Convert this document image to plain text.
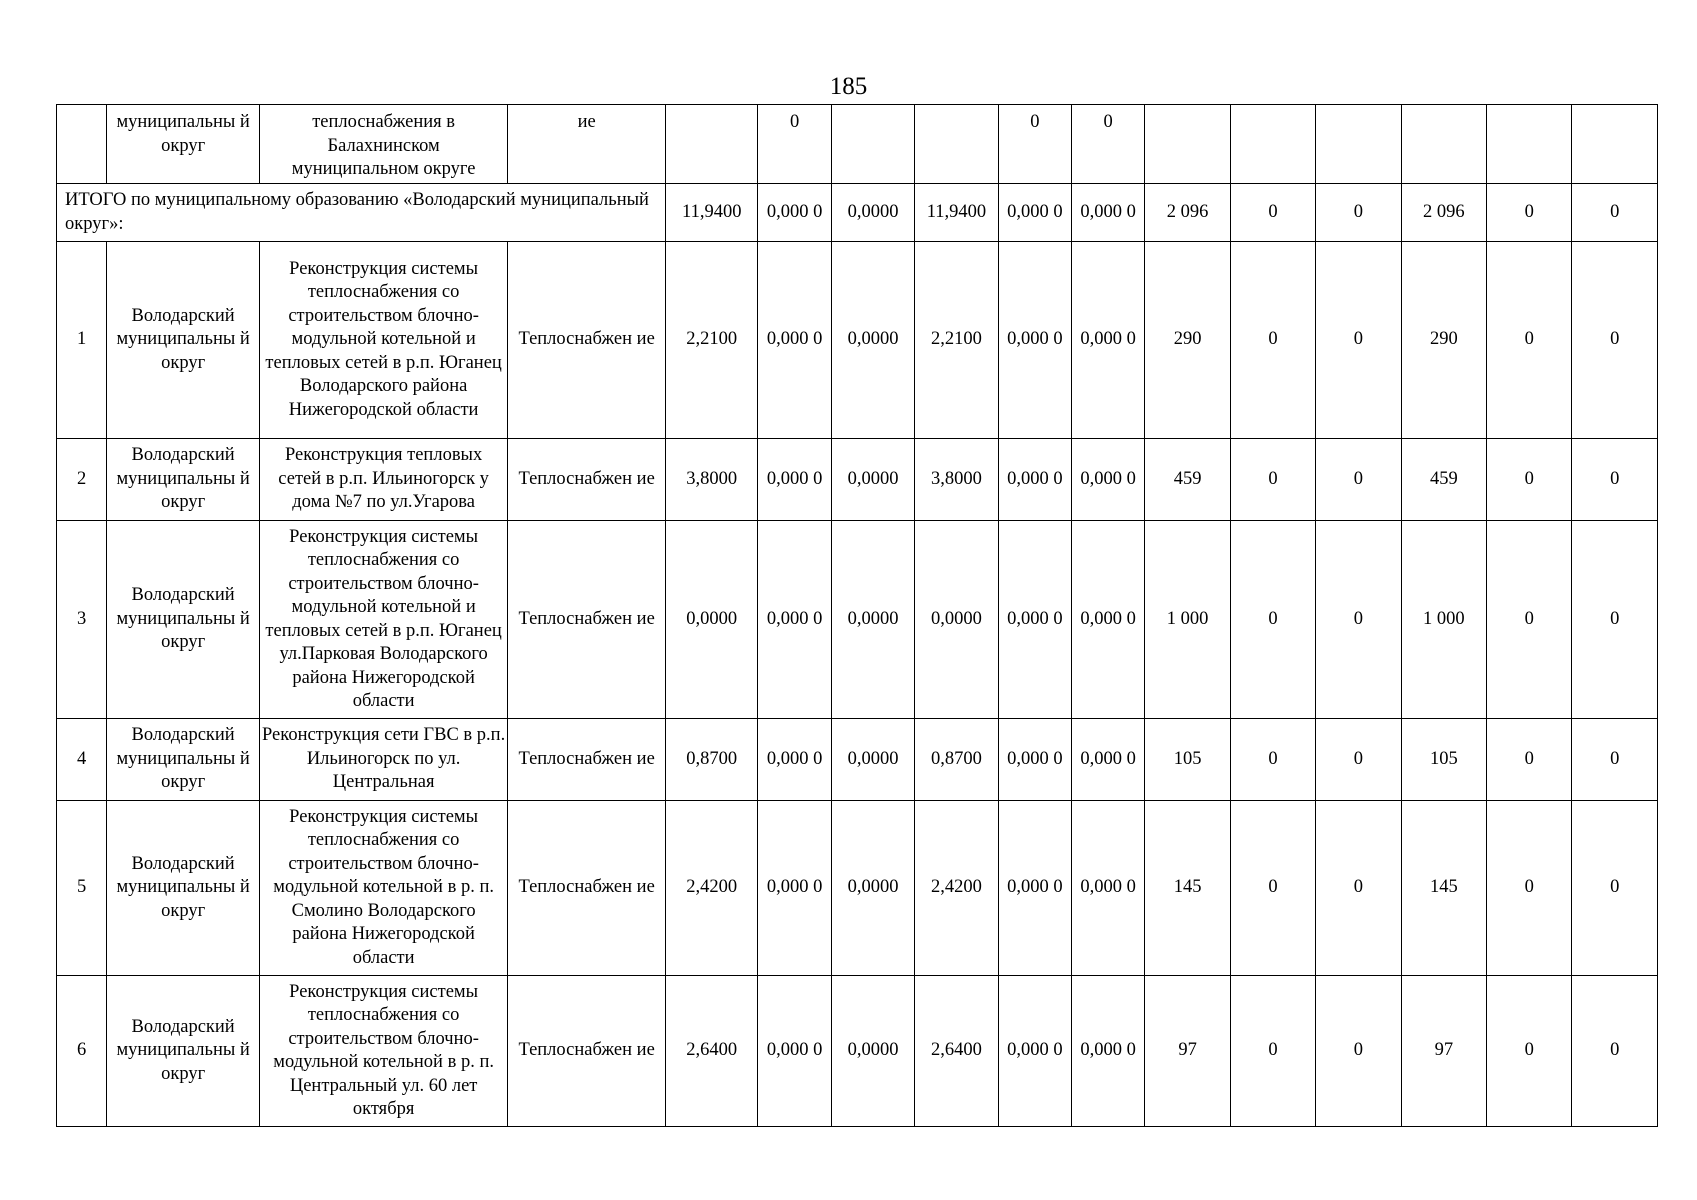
185
	муниципальны й округ	теплоснабжения в Балахнинском муниципальном округе	ие		0			0	0						
ИТОГО по муниципальному образованию «Володарский муниципальный округ»:				11,9400	0,000 0	0,0000	11,9400	0,000 0	0,000 0	2 096	0	0	2 096	0	0
1	Володарский муниципальны й округ	Реконструкция системы теплоснабжения со строительством блочно-модульной котельной и тепловых сетей в р.п. Юганец Володарского района Нижегородской области	Теплоснабжен ие	2,2100	0,000 0	0,0000	2,2100	0,000 0	0,000 0	290	0	0	290	0	0
2	Володарский муниципальны й округ	Реконструкция тепловых сетей в р.п. Ильиногорск у дома №7 по ул.Угарова	Теплоснабжен ие	3,8000	0,000 0	0,0000	3,8000	0,000 0	0,000 0	459	0	0	459	0	0
3	Володарский муниципальны й округ	Реконструкция системы теплоснабжения со строительством блочно-модульной котельной и тепловых сетей в р.п. Юганец ул.Парковая Володарского района Нижегородской области	Теплоснабжен ие	0,0000	0,000 0	0,0000	0,0000	0,000 0	0,000 0	1 000	0	0	1 000	0	0
4	Володарский муниципальны й округ	Реконструкция сети ГВС в р.п. Ильиногорск по ул. Центральная	Теплоснабжен ие	0,8700	0,000 0	0,0000	0,8700	0,000 0	0,000 0	105	0	0	105	0	0
5	Володарский муниципальны й округ	Реконструкция системы теплоснабжения со строительством блочно-модульной котельной в р. п. Смолино Володарского района Нижегородской области	Теплоснабжен ие	2,4200	0,000 0	0,0000	2,4200	0,000 0	0,000 0	145	0	0	145	0	0
6	Володарский муниципальны й округ	Реконструкция системы теплоснабжения со строительством блочно-модульной котельной в р. п. Центральный ул. 60 лет октября	Теплоснабжен ие	2,6400	0,000 0	0,0000	2,6400	0,000 0	0,000 0	97	0	0	97	0	0
